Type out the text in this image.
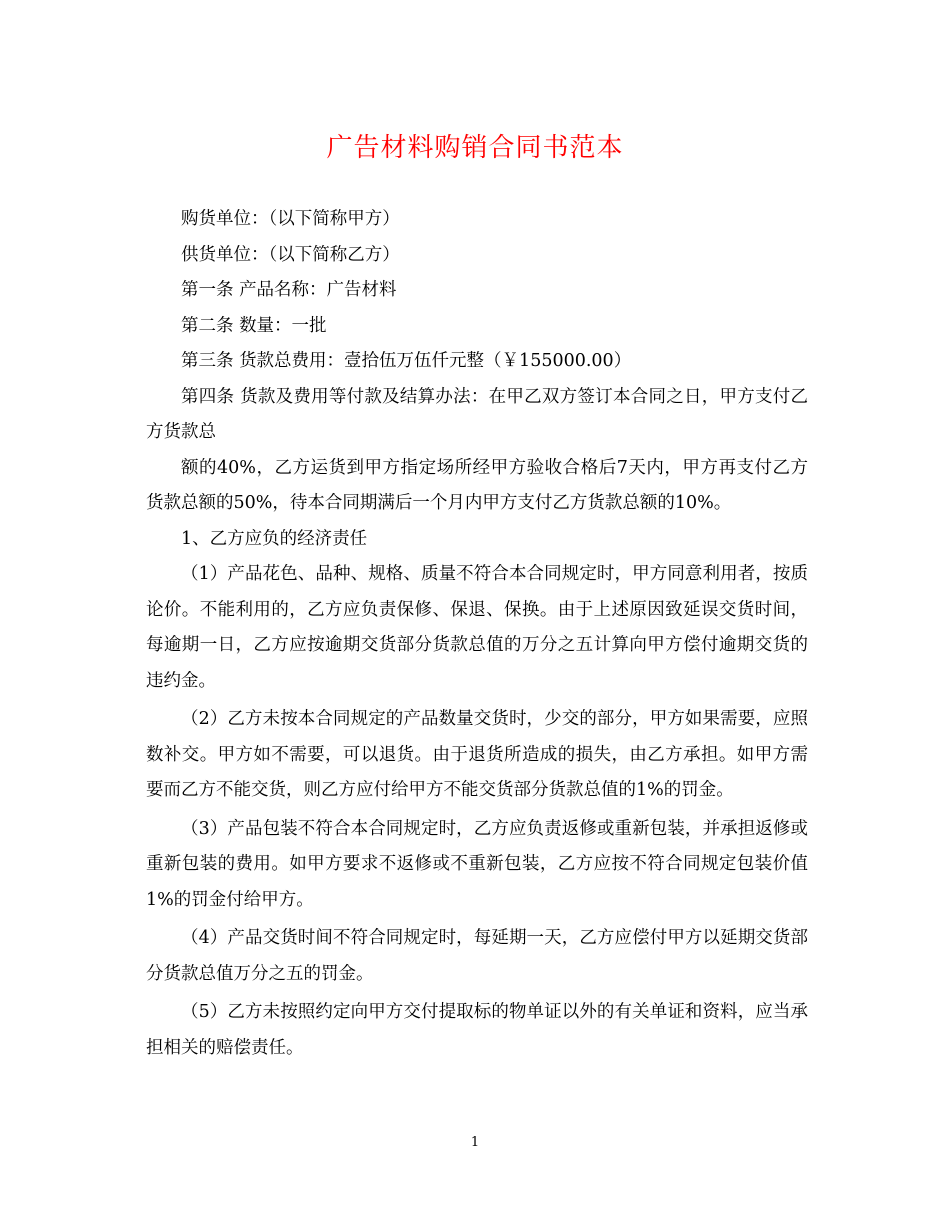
广告材料购销合同书范本

购货单位：（以下简称甲方）

供货单位：（以下简称乙方）

第一条 产品名称：广告材料

第二条 数量：一批

第三条 货款总费用：壹拾伍万伍仟元整（￥155000.00）

第四条 货款及费用等付款及结算办法：在甲乙双方签订本合同之日，甲方支付乙方货款总

额的40%，乙方运货到甲方指定场所经甲方验收合格后7天内，甲方再支付乙方货款总额的50%，待本合同期满后一个月内甲方支付乙方货款总额的10%。

1、乙方应负的经济责任

（1）产品花色、品种、规格、质量不符合本合同规定时，甲方同意利用者，按质论价。不能利用的，乙方应负责保修、保退、保换。由于上述原因致延误交货时间，每逾期一日，乙方应按逾期交货部分货款总值的万分之五计算向甲方偿付逾期交货的违约金。

（2）乙方未按本合同规定的产品数量交货时，少交的部分，甲方如果需要，应照数补交。甲方如不需要，可以退货。由于退货所造成的损失，由乙方承担。如甲方需要而乙方不能交货，则乙方应付给甲方不能交货部分货款总值的1%的罚金。

（3）产品包装不符合本合同规定时，乙方应负责返修或重新包装，并承担返修或重新包装的费用。如甲方要求不返修或不重新包装，乙方应按不符合同规定包装价值1%的罚金付给甲方。

（4）产品交货时间不符合同规定时，每延期一天，乙方应偿付甲方以延期交货部分货款总值万分之五的罚金。

（5）乙方未按照约定向甲方交付提取标的物单证以外的有关单证和资料，应当承担相关的赔偿责任。

1
